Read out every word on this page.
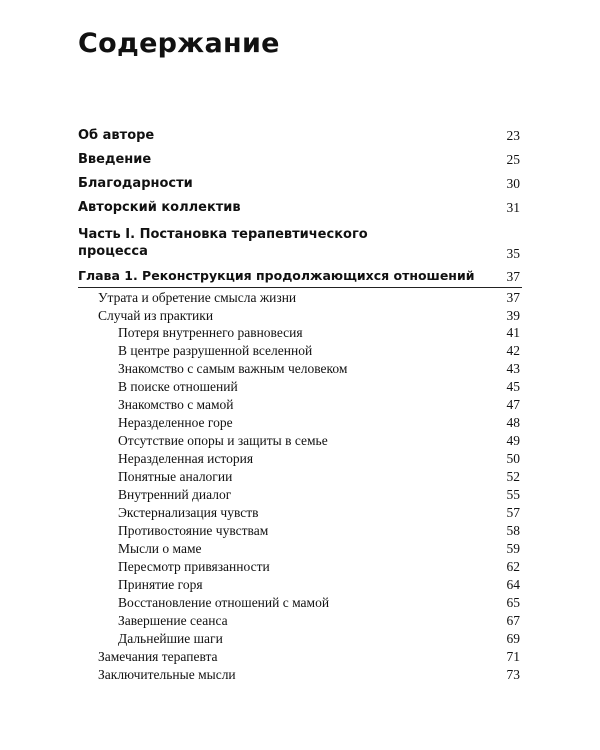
Содержание
Об авторе	23
Введение	25
Благодарности	30
Авторский коллектив	31
Часть I. Постановка терапевтического
процесса	35
Глава 1. Реконструкция продолжающихся отношений 37
Утрата и обретение смысла жизни	37
Случай из практики	39
Потеря внутреннего равновесия	41
В центре разрушенной вселенной	42
Знакомство с самым важным человеком	43
В поиске отношений	45
Знакомство с мамой	47
Неразделенное горе	48
Отсутствие опоры и защиты в семье	49
Неразделенная история	50
Понятные аналогии	52
Внутренний диалог	55
Экстернализация чувств	57
Противостояние чувствам	58
Мысли о маме	59
Пересмотр привязанности	62
Принятие горя	64
Восстановление отношений с мамой	65
Завершение сеанса	67
Дальнейшие шаги	69
Замечания терапевта	71
Заключительные мысли	73
